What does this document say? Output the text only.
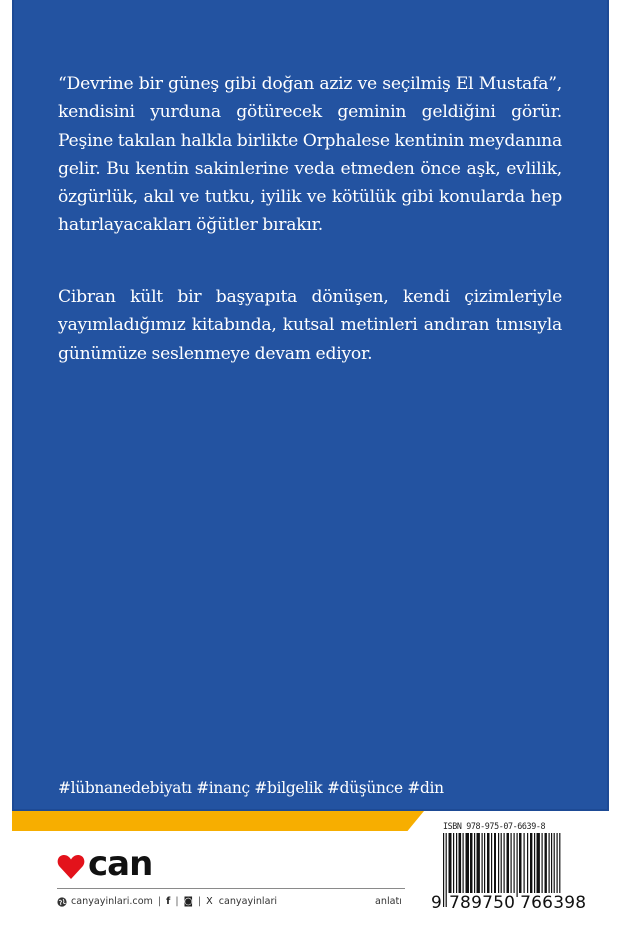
“Devrine bir güneş gibi doğan aziz ve seçilmiş El Mustafa”, kendisini yurduna götürecek geminin geldiğini görür. Peşine takılan halkla birlikte Orphalese kentinin meydanına gelir. Bu kentin sakinlerine veda etmeden önce aşk, evlilik, özgürlük, akıl ve tutku, iyilik ve kötülük gibi konularda hep hatırlayacakları öğütler bırakır.

Cibran kült bir başyapıta dönüşen, kendi çizimleriyle yayımladığımız kitabında, kutsal metinleri andıran tınısıyla günümüze seslenmeye devam ediyor.

#lübnanedebiyatı #inanç #bilgelik #düşünce #din
can
canyayinlari.com | f | ◙ | X canyayinlari	anlatı
ISBN 978-975-07-6639-8
9 789750 766398
